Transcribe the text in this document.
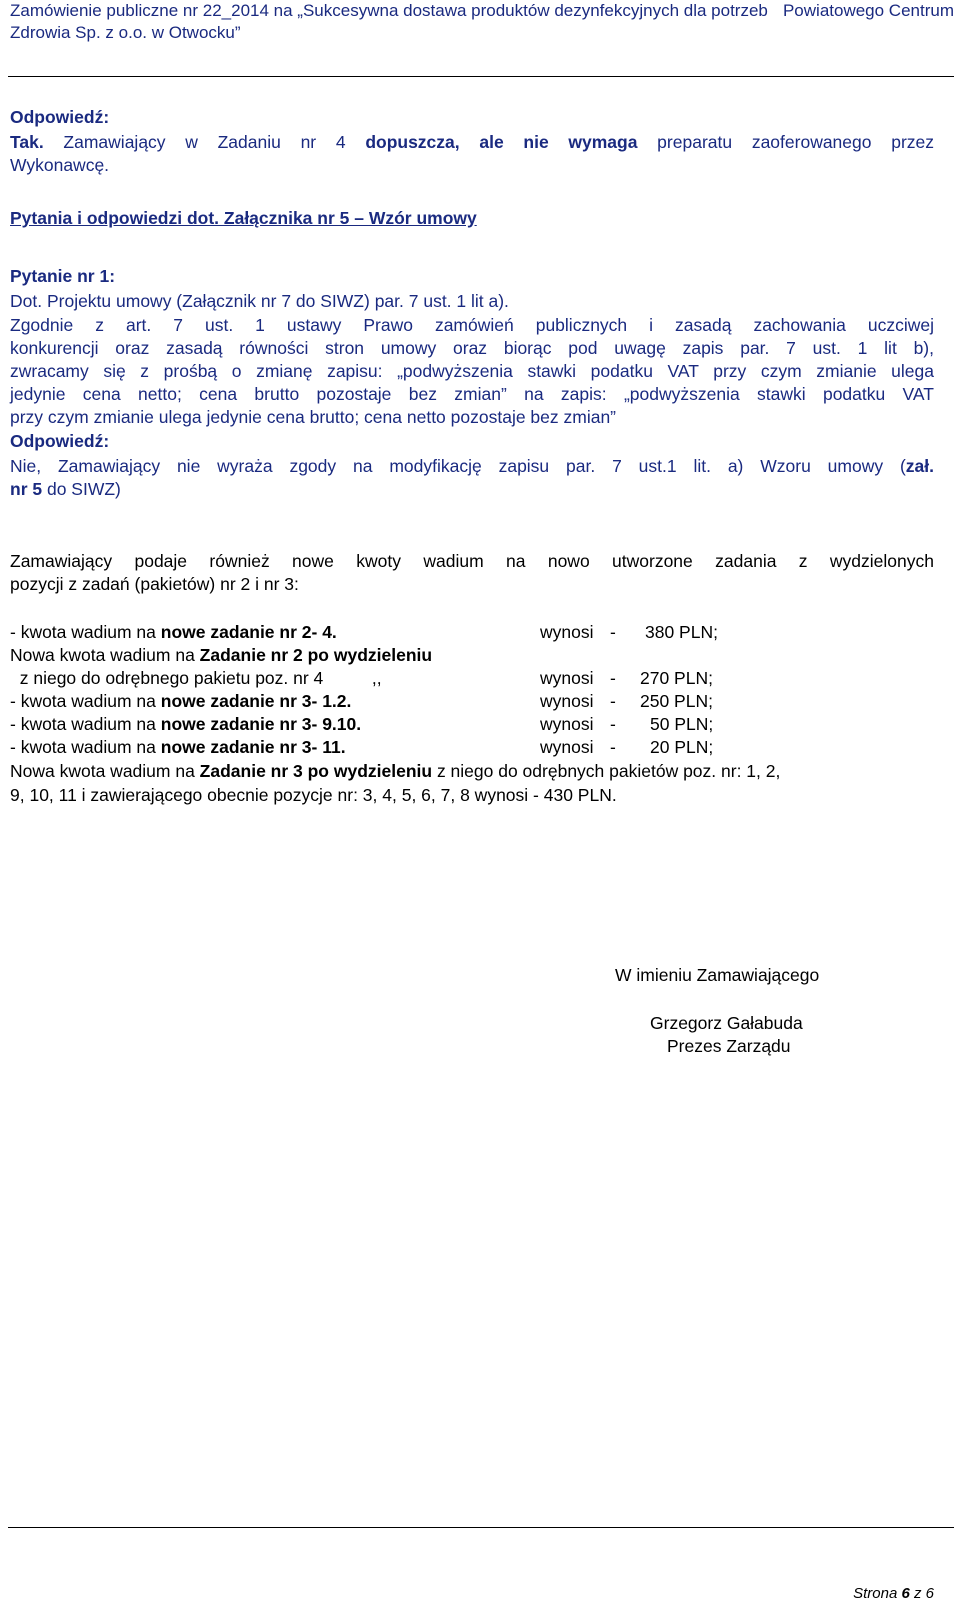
Zamówienie publiczne nr 22_2014 na „Sukcesywna dostawa produktów dezynfekcyjnych dla potrzeb Powiatowego Centrum
Zdrowia Sp. z o.o. w Otwocku”
Odpowiedź:
Tak. Zamawiający w Zadaniu nr 4 dopuszcza, ale nie wymaga preparatu zaoferowanego przez
Wykonawcę.
Pytania i odpowiedzi dot. Załącznika nr 5 – Wzór umowy
Pytanie nr 1:
Dot. Projektu umowy (Załącznik nr 7 do SIWZ) par. 7 ust. 1 lit a).
Zgodnie z art. 7 ust. 1 ustawy Prawo zamówień publicznych i zasadą zachowania uczciwej
konkurencji oraz zasadą równości stron umowy oraz biorąc pod uwagę zapis par. 7 ust. 1 lit b),
zwracamy się z prośbą o zmianę zapisu: „podwyższenia stawki podatku VAT przy czym zmianie ulega
jedynie cena netto; cena brutto pozostaje bez zmian” na zapis: „podwyższenia stawki podatku VAT
przy czym zmianie ulega jedynie cena brutto; cena netto pozostaje bez zmian”
Odpowiedź:
Nie, Zamawiający nie wyraża zgody na modyfikację zapisu par. 7 ust.1 lit. a) Wzoru umowy (zał.
nr 5 do SIWZ)
Zamawiający podaje również nowe kwoty wadium na nowo utworzone zadania z wydzielonych
pozycji z zadań (pakietów) nr 2 i nr 3:
- kwota wadium na nowe zadanie nr 2- 4.	wynosi - 380 PLN;
Nowa kwota wadium na Zadanie nr 2 po wydzieleniu
z niego do odrębnego pakietu poz. nr 4          ,,	wynosi - 270 PLN;
- kwota wadium na nowe zadanie nr 3- 1.2.	wynosi - 250 PLN;
- kwota wadium na nowe zadanie nr 3- 9.10.	wynosi - 50 PLN;
- kwota wadium na nowe zadanie nr 3- 11.	wynosi - 20 PLN;
Nowa kwota wadium na Zadanie nr 3 po wydzieleniu z niego do odrębnych pakietów poz. nr: 1, 2,
9, 10, 11 i zawierającego obecnie pozycje nr: 3, 4, 5, 6, 7, 8 wynosi - 430 PLN.
W imieniu Zamawiającego
Grzegorz Gałabuda
Prezes Zarządu
Strona 6 z 6
